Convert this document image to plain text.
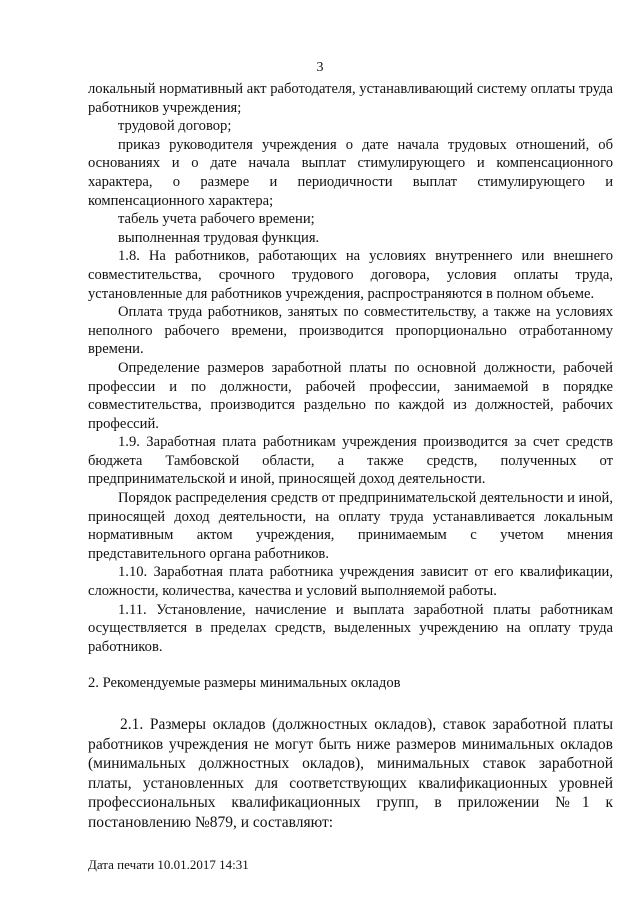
3

локальный нормативный акт работодателя, устанавливающий систему оплаты труда работников учреждения;

трудовой договор;

приказ руководителя учреждения о дате начала трудовых отношений, об основаниях и о дате начала выплат стимулирующего и компенсационного характера, о размере и периодичности выплат стимулирующего и компенсационного характера;

табель учета рабочего времени;

выполненная трудовая функция.

1.8. На работников, работающих на условиях внутреннего или внешнего совместительства, срочного трудового договора, условия оплаты труда, установленные для работников учреждения, распространяются в полном объеме.

Оплата труда работников, занятых по совместительству, а также на условиях неполного рабочего времени, производится пропорционально отработанному времени.

Определение размеров заработной платы по основной должности, рабочей профессии и по должности, рабочей профессии, занимаемой в порядке совместительства, производится раздельно по каждой из должностей, рабочих профессий.

1.9. Заработная плата работникам учреждения производится за счет средств бюджета Тамбовской области, а также средств, полученных от предпринимательской и иной, приносящей доход деятельности.

Порядок распределения средств от предпринимательской деятельности и иной, приносящей доход деятельности, на оплату труда устанавливается локальным нормативным актом учреждения, принимаемым с учетом мнения представительного органа работников.

1.10. Заработная плата работника учреждения зависит от его квалификации, сложности, количества, качества и условий выполняемой работы.

1.11. Установление, начисление и выплата заработной платы работникам осуществляется в пределах средств, выделенных учреждению на оплату труда работников.

2. Рекомендуемые размеры минимальных окладов

2.1. Размеры окладов (должностных окладов), ставок заработной платы работников учреждения не могут быть ниже размеров минимальных окладов (минимальных должностных окладов), минимальных ставок заработной платы, установленных для соответствующих квалификационных уровней профессиональных квалификационных групп, в приложении №1 к постановлению №879, и составляют:

Дата печати 10.01.2017 14:31
